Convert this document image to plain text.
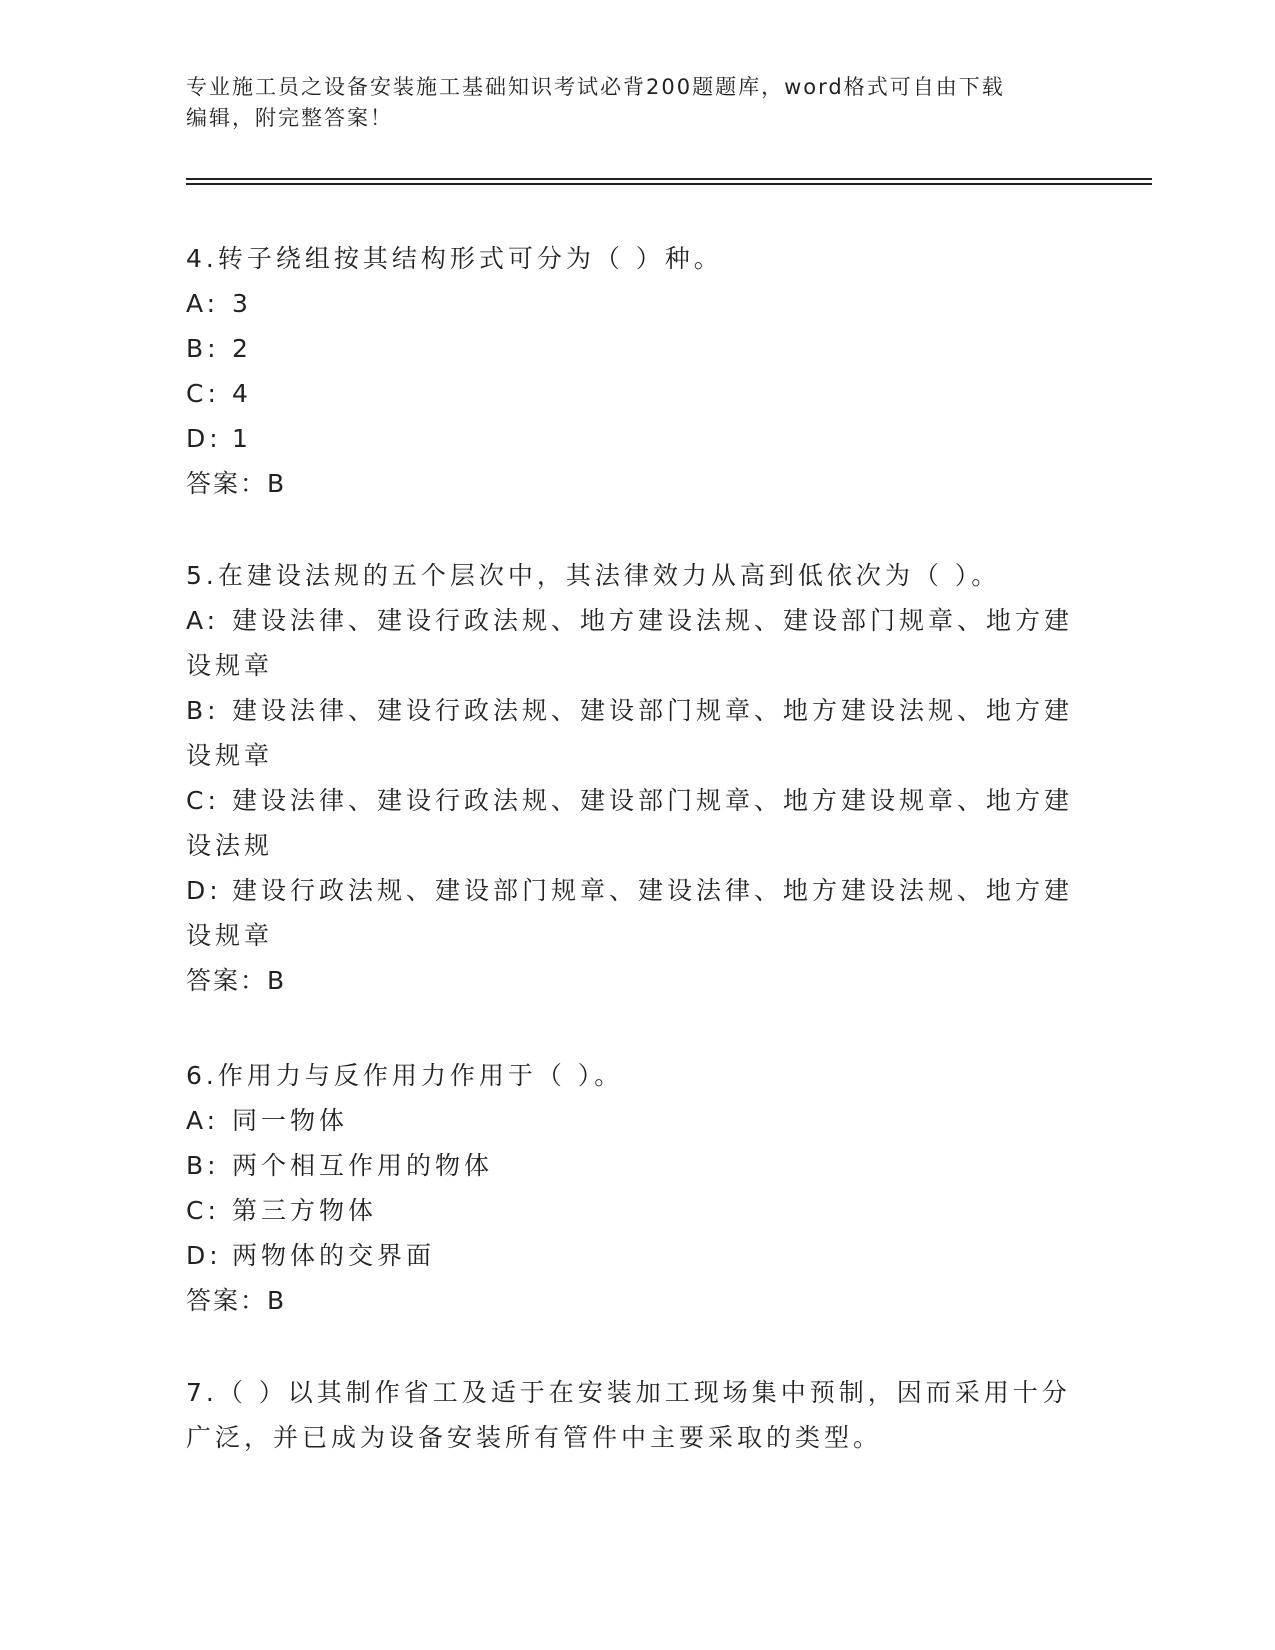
专业施工员之设备安装施工基础知识考试必背200题题库，word格式可自由下载
编辑，附完整答案！

4.转子绕组按其结构形式可分为（ ）种。

A: 3

B: 2

C: 4

D: 1

答案：B

5.在建设法规的五个层次中，其法律效力从高到低依次为（ ）。

A: 建设法律、建设行政法规、地方建设法规、建设部门规章、地方建

设规章

B: 建设法律、建设行政法规、建设部门规章、地方建设法规、地方建

设规章

C: 建设法律、建设行政法规、建设部门规章、地方建设规章、地方建

设法规

D: 建设行政法规、建设部门规章、建设法律、地方建设法规、地方建

设规章

答案：B

6.作用力与反作用力作用于（ ）。

A: 同一物体

B: 两个相互作用的物体

C: 第三方物体

D: 两物体的交界面

答案：B

7.（ ）以其制作省工及适于在安装加工现场集中预制，因而采用十分

广泛，并已成为设备安装所有管件中主要采取的类型。
